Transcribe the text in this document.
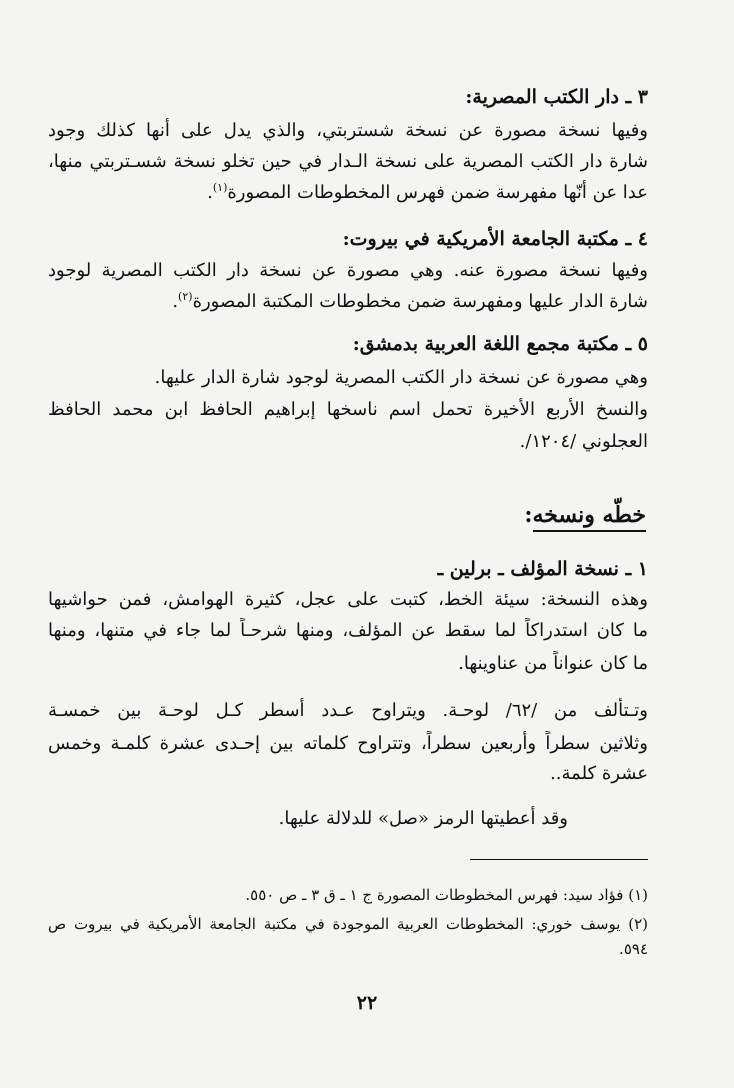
٣ ـ دار الكتب المصرية:
وفيها نسخة مصورة عن نسخة شستربتي، والذي يدل على أنها كذلك وجود
شارة دار الكتب المصرية على نسخة الـدار في حين تخلو نسخة شسـتربتي منها،
عدا عن أنّها مفهرسة ضمن فهرس المخطوطات المصورة$^{(١)}$.
٤ ـ مكتبة الجامعة الأمريكية في بيروت:
وفيها نسخة مصورة عنه. وهي مصورة عن نسخة دار الكتب المصرية لوجود
شارة الدار عليها ومفهرسة ضمن مخطوطات المكتبة المصورة$^{(٢)}$.
٥ ـ مكتبة مجمع اللغة العربية بدمشق:
وهي مصورة عن نسخة دار الكتب المصرية لوجود شارة الدار عليها.
والنسخ الأربع الأخيرة تحمل اسم ناسخها إبراهيم الحافظ ابن محمد الحافظ
العجلوني /١٢٠٤/.
خطّه ونسخه:
١ ـ نسخة المؤلف ـ برلين ـ
وهذه النسخة: سيئة الخط، كتبت على عجل، كثيرة الهوامش، فمن حواشيها
ما كان استدراكاً لما سقط عن المؤلف، ومنها شرحـاً لما جاء في متنها، ومنها
ما كان عنواناً من عناوينها.
وتـتألف من /٦٢/ لوحـة. ويتراوح عـدد أسطر كـل لوحـة بين خمسـة
وثلاثين سطراً وأربعين سطراً، وتتراوح كلماته بين إحـدى عشرة كلمـة وخمس
عشرة كلمة..
وقد أعطيتها الرمز «صل» للدلالة عليها.
(١) فؤاد سيد: فهرس المخطوطات المصورة ج ١ ـ ق ٣ ـ ص ٥٥٠.
(٢) يوسف خوري: المخطوطات العربية الموجودة في مكتبة الجامعة الأمريكية في بيروت ص
٥٩٤.
٢٢
